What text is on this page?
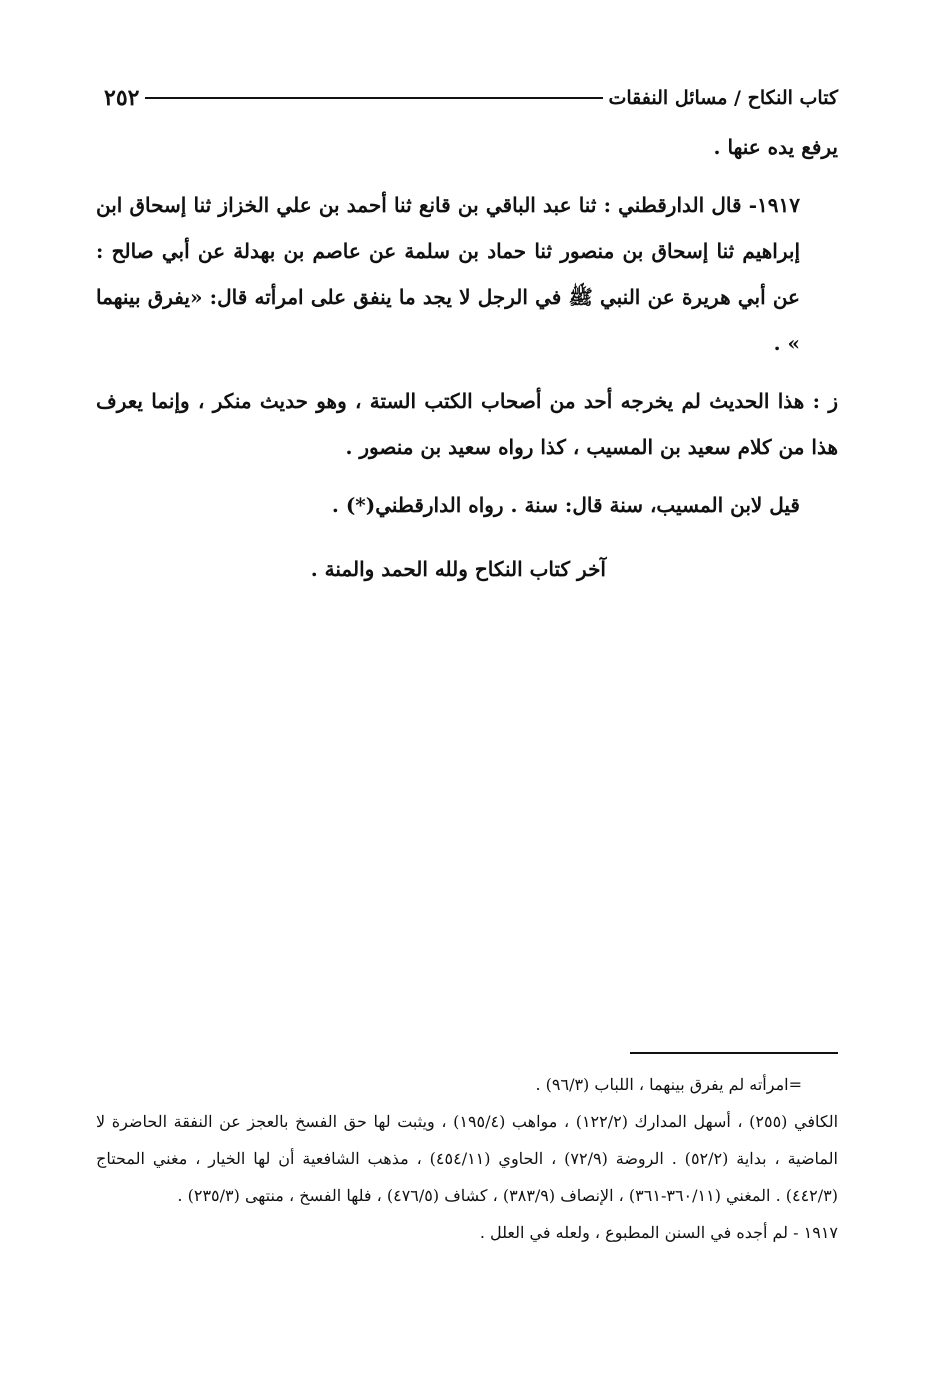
٢٥٢	كتاب النكاح / مسائل النفقات

يرفع يده عنها .

١٩١٧- قال الدارقطني : ثنا عبد الباقي بن قانع ثنا أحمد بن علي الخزاز ثنا إسحاق ابن إبراهيم ثنا إسحاق بن منصور ثنا حماد بن سلمة عن عاصم بن بهدلة عن أبي صالح : عن أبي هريرة عن النبي ﷺ في الرجل لا يجد ما ينفق على امرأته قال: «يفرق بينهما » .

ز : هذا الحديث لم يخرجه أحد من أصحاب الكتب الستة ، وهو حديث منكر ، وإنما يعرف هذا من كلام سعيد بن المسيب ، كذا رواه سعيد بن منصور .

قيل لابن المسيب، سنة قال: سنة . رواه الدارقطني(*) .

آخر كتاب النكاح ولله الحمد والمنة .

=امرأته لم يفرق بينهما ، اللباب (٩٦/٣) .

الكافي (٢٥٥) ، أسهل المدارك (١٢٢/٢) ، مواهب (١٩٥/٤) ، ويثبت لها حق الفسخ بالعجز عن النفقة الحاضرة لا الماضية ، بداية (٥٢/٢) . الروضة (٧٢/٩) ، الحاوي (٤٥٤/١١) ، مذهب الشافعية أن لها الخيار ، مغني المحتاج (٤٤٢/٣) . المغني (٣٦٠/١١-٣٦١) ، الإنصاف (٣٨٣/٩) ، كشاف (٤٧٦/٥) ، فلها الفسخ ، منتهى (٢٣٥/٣) .

١٩١٧ - لم أجده في السنن المطبوع ، ولعله في العلل .
